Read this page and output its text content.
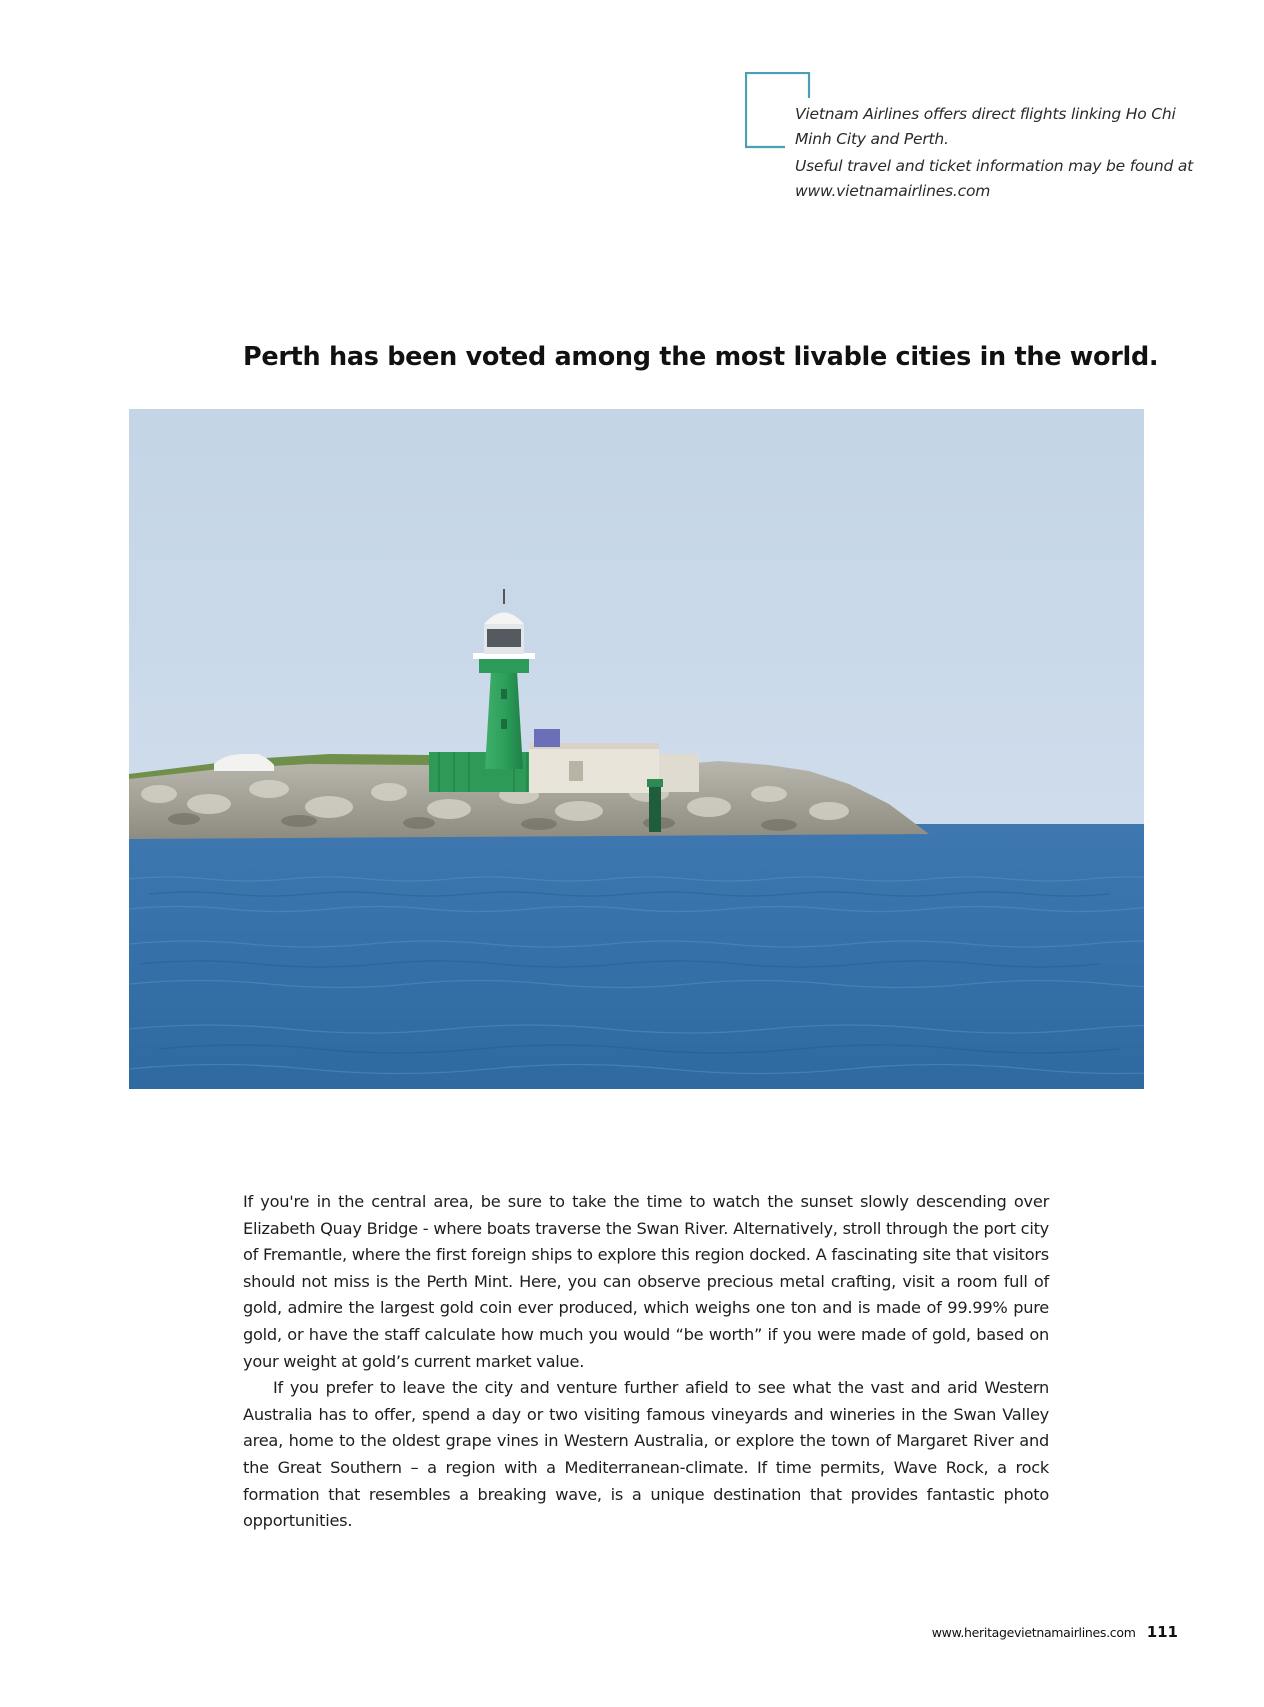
Vietnam Airlines offers direct flights linking Ho Chi Minh City and Perth.

Useful travel and ticket information may be found at www.vietnamairlines.com

Perth has been voted among the most livable cities in the world.

If you're in the central area, be sure to take the time to watch the sunset slowly descending over Elizabeth Quay Bridge - where boats traverse the Swan River. Alternatively, stroll through the port city of Fremantle, where the first foreign ships to explore this region docked. A fascinating site that visitors should not miss is the Perth Mint. Here, you can observe precious metal crafting, visit a room full of gold, admire the largest gold coin ever produced, which weighs one ton and is made of 99.99% pure gold, or have the staff calculate how much you would “be worth” if you were made of gold, based on your weight at gold’s current market value.

If you prefer to leave the city and venture further afield to see what the vast and arid Western Australia has to offer, spend a day or two visiting famous vineyards and wineries in the Swan Valley area, home to the oldest grape vines in Western Australia, or explore the town of Margaret River and the Great Southern – a region with a Mediterranean-climate. If time permits, Wave Rock, a rock formation that resembles a breaking wave, is a unique destination that provides fantastic photo opportunities.

www.heritagevietnamairlines.com 111
